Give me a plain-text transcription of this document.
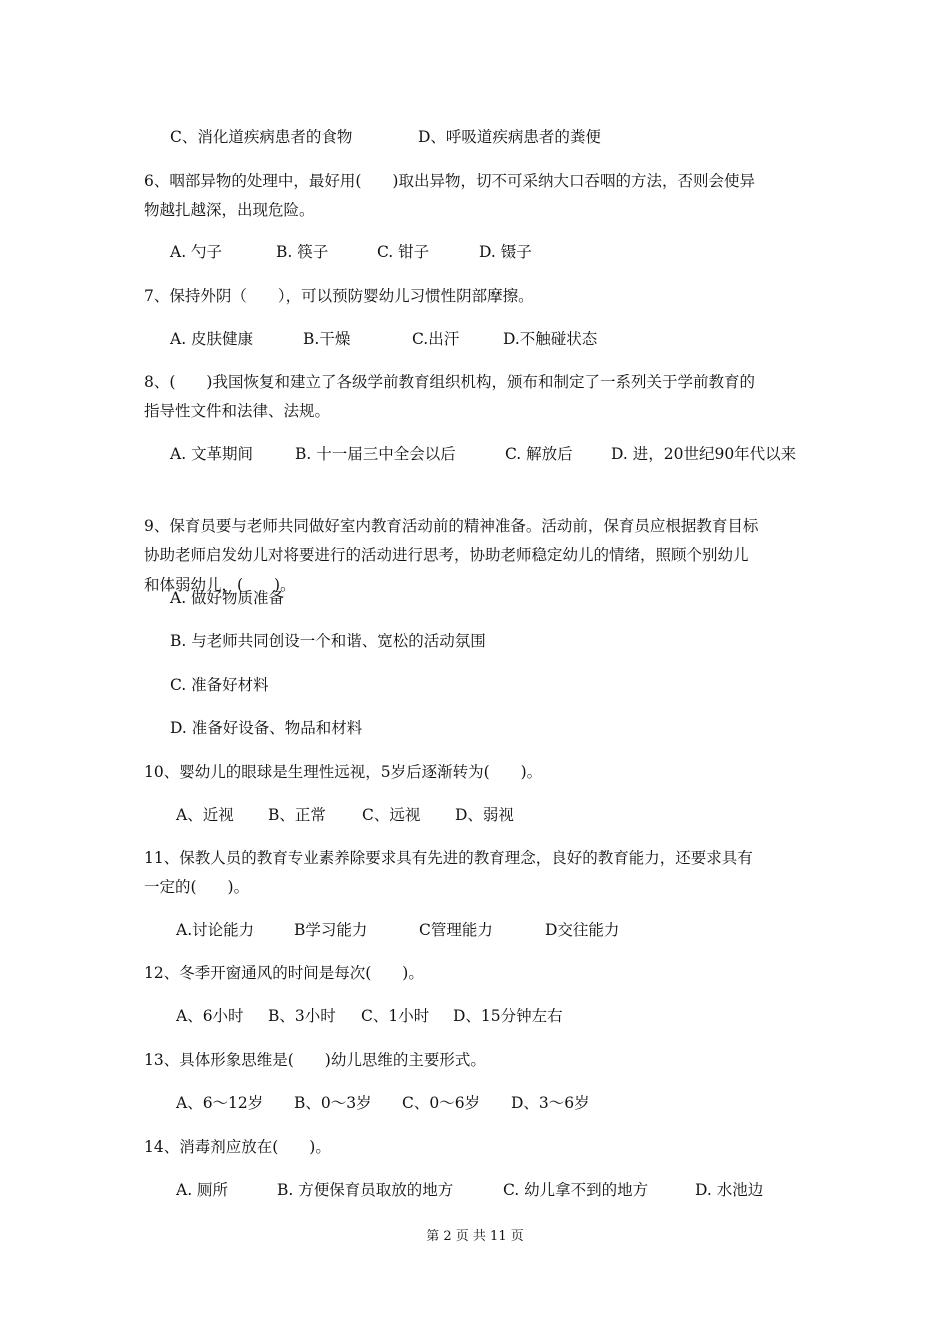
C、消化道疾病患者的食物	D、呼吸道疾病患者的粪便
6、咽部异物的处理中，最好用(　　)取出异物，切不可采纳大口吞咽的方法，否则会使异
物越扎越深，出现危险。
A. 勺子	B. 筷子	C. 钳子	D. 镊子
7、保持外阴（　　），可以预防婴幼儿习惯性阴部摩擦。
A. 皮肤健康	B.干燥	C.出汗	D.不触碰状态
8、(　　)我国恢复和建立了各级学前教育组织机构，颁布和制定了一系列关于学前教育的
指导性文件和法律、法规。
A. 文革期间	B. 十一届三中全会以后	C. 解放后 D. 进，20世纪90年代以来
9、保育员要与老师共同做好室内教育活动前的精神准备。活动前，保育员应根据教育目标
协助老师启发幼儿对将要进行的活动进行思考，协助老师稳定幼儿的情绪，照顾个别幼儿
和体弱幼儿，(　　)。
A. 做好物质准备
B. 与老师共同创设一个和谐、宽松的活动氛围
C. 准备好材料
D. 准备好设备、物品和材料
10、婴幼儿的眼球是生理性远视，5岁后逐渐转为(　　)。
A、近视 B、正常 C、远视 D、弱视
11、保教人员的教育专业素养除要求具有先进的教育理念，良好的教育能力，还要求具有
一定的(　　)。
A.讨论能力	B学习能力	C管理能力	D交往能力
12、冬季开窗通风的时间是每次(　　)。
A、6小时 B、3小时 C、1小时 D、15分钟左右
13、具体形象思维是(　　)幼儿思维的主要形式。
A、6～12岁 B、0～3岁 C、0～6岁 D、3～6岁
14、消毒剂应放在(　　)。
A. 厕所	B. 方便保育员取放的地方	C. 幼儿拿不到的地方	D. 水池边
第 2 页 共 11 页
